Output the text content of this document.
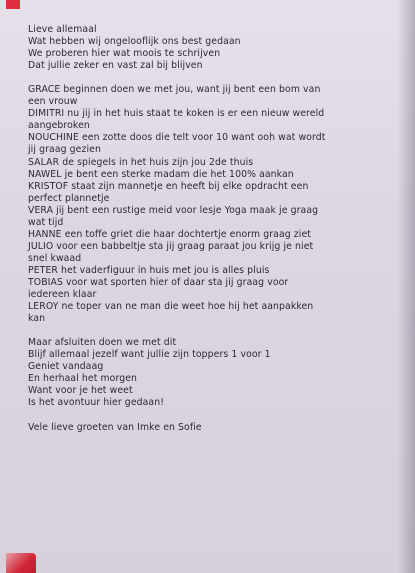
Lieve allemaal
Wat hebben wij ongelooflijk ons best gedaan
We proberen hier wat moois te schrijven
Dat jullie zeker en vast zal bij blijven
GRACE beginnen doen we met jou, want jij bent een bom van
een vrouw
DIMITRI nu jij in het huis staat te koken is er een nieuw wereld
aangebroken
NOUCHINE een zotte doos die telt voor 10 want ooh wat wordt
jij graag gezien
SALAR de spiegels in het huis zijn jou 2de thuis
NAWEL je bent een sterke madam die het 100% aankan
KRISTOF staat zijn mannetje en heeft bij elke opdracht een
perfect plannetje
VERA jij bent een rustige meid voor lesje Yoga maak je graag
wat tijd
HANNE een toffe griet die haar dochtertje enorm graag ziet
JULIO voor een babbeltje sta jij graag paraat jou krijg je niet
snel kwaad
PETER het vaderfiguur in huis met jou is alles pluis
TOBIAS voor wat sporten hier of daar sta jij graag voor
iedereen klaar
LEROY ne toper van ne man die weet hoe hij het aanpakken
kan
Maar afsluiten doen we met dit
Blijf allemaal jezelf want jullie zijn toppers 1 voor 1
Geniet vandaag
En herhaal het morgen
Want voor je het weet
Is het avontuur hier gedaan!
Vele lieve groeten van Imke en Sofie
